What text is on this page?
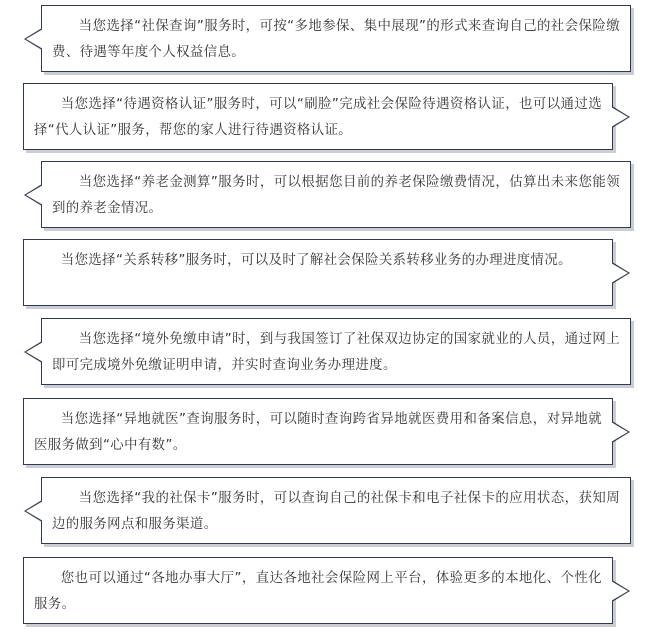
当您选择“社保查询”服务时，可按“多地参保、集中展现”的形式来查询自己的社会保险缴费、待遇等年度个人权益信息。
当您选择“待遇资格认证”服务时，可以“刷脸”完成社会保险待遇资格认证，也可以通过选择“代人认证”服务，帮您的家人进行待遇资格认证。
当您选择“养老金测算”服务时，可以根据您目前的养老保险缴费情况，估算出未来您能领到的养老金情况。
当您选择“关系转移”服务时，可以及时了解社会保险关系转移业务的办理进度情况。
当您选择“境外免缴申请”时，到与我国签订了社保双边协定的国家就业的人员，通过网上即可完成境外免缴证明申请，并实时查询业务办理进度。
当您选择“异地就医”查询服务时，可以随时查询跨省异地就医费用和备案信息，对异地就医服务做到“心中有数”。
当您选择“我的社保卡”服务时，可以查询自己的社保卡和电子社保卡的应用状态，获知周边的服务网点和服务渠道。
您也可以通过“各地办事大厅”，直达各地社会保险网上平台，体验更多的本地化、个性化服务。
